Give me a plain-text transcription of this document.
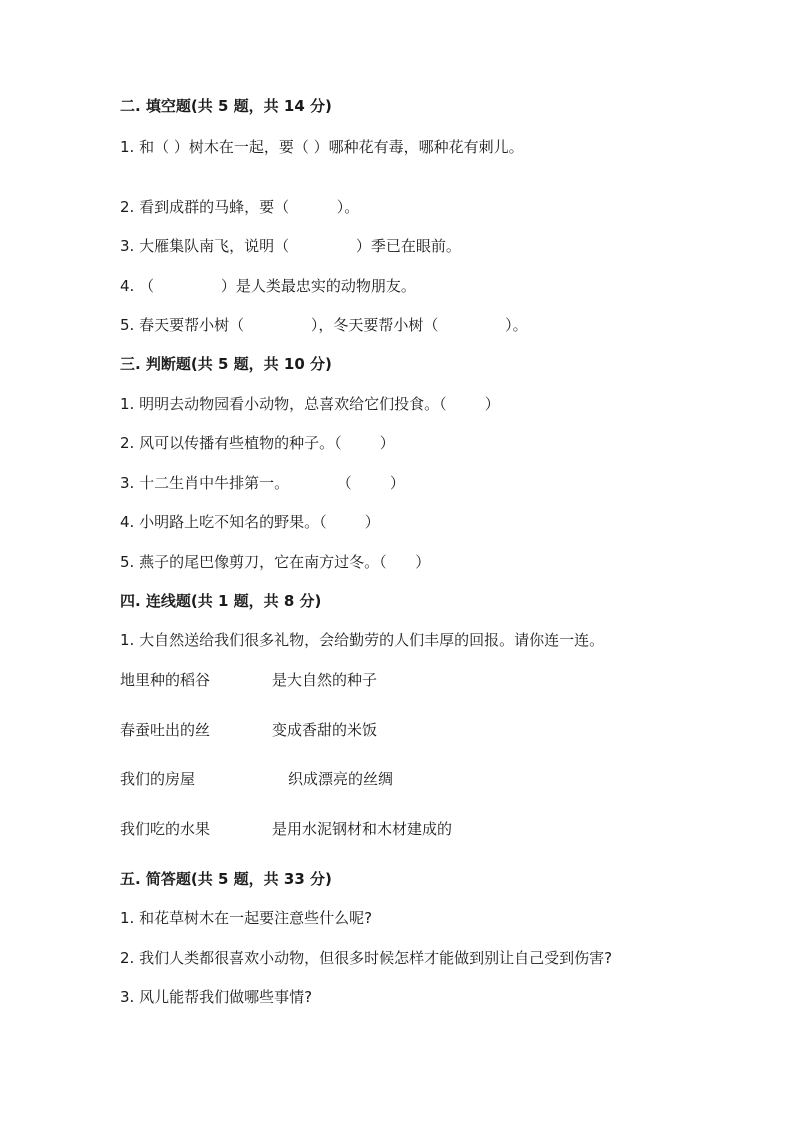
二. 填空题(共 5 题，共 14 分)
1. 和（ ）树木在一起，要（ ）哪种花有毒，哪种花有刺儿。
2. 看到成群的马蜂，要（          ）。
3. 大雁集队南飞，说明（              ）季已在眼前。
4. （              ）是人类最忠实的动物朋友。
5. 春天要帮小树（              ），冬天要帮小树（              ）。
三. 判断题(共 5 题，共 10 分)
1. 明明去动物园看小动物，总喜欢给它们投食。（        ）
2. 风可以传播有些植物的种子。（        ）
3. 十二生肖中牛排第一。          （        ）
4. 小明路上吃不知名的野果。（        ）
5. 燕子的尾巴像剪刀，它在南方过冬。（      ）
四. 连线题(共 1 题，共 8 分)
1. 大自然送给我们很多礼物，会给勤劳的人们丰厚的回报。请你连一连。
地里种的稻谷	是大自然的种子
春蚕吐出的丝	变成香甜的米饭
我们的房屋	织成漂亮的丝绸
我们吃的水果	是用水泥钢材和木材建成的
五. 简答题(共 5 题，共 33 分)
1. 和花草树木在一起要注意些什么呢?
2. 我们人类都很喜欢小动物，但很多时候怎样才能做到别让自己受到伤害?
3. 风儿能帮我们做哪些事情?
